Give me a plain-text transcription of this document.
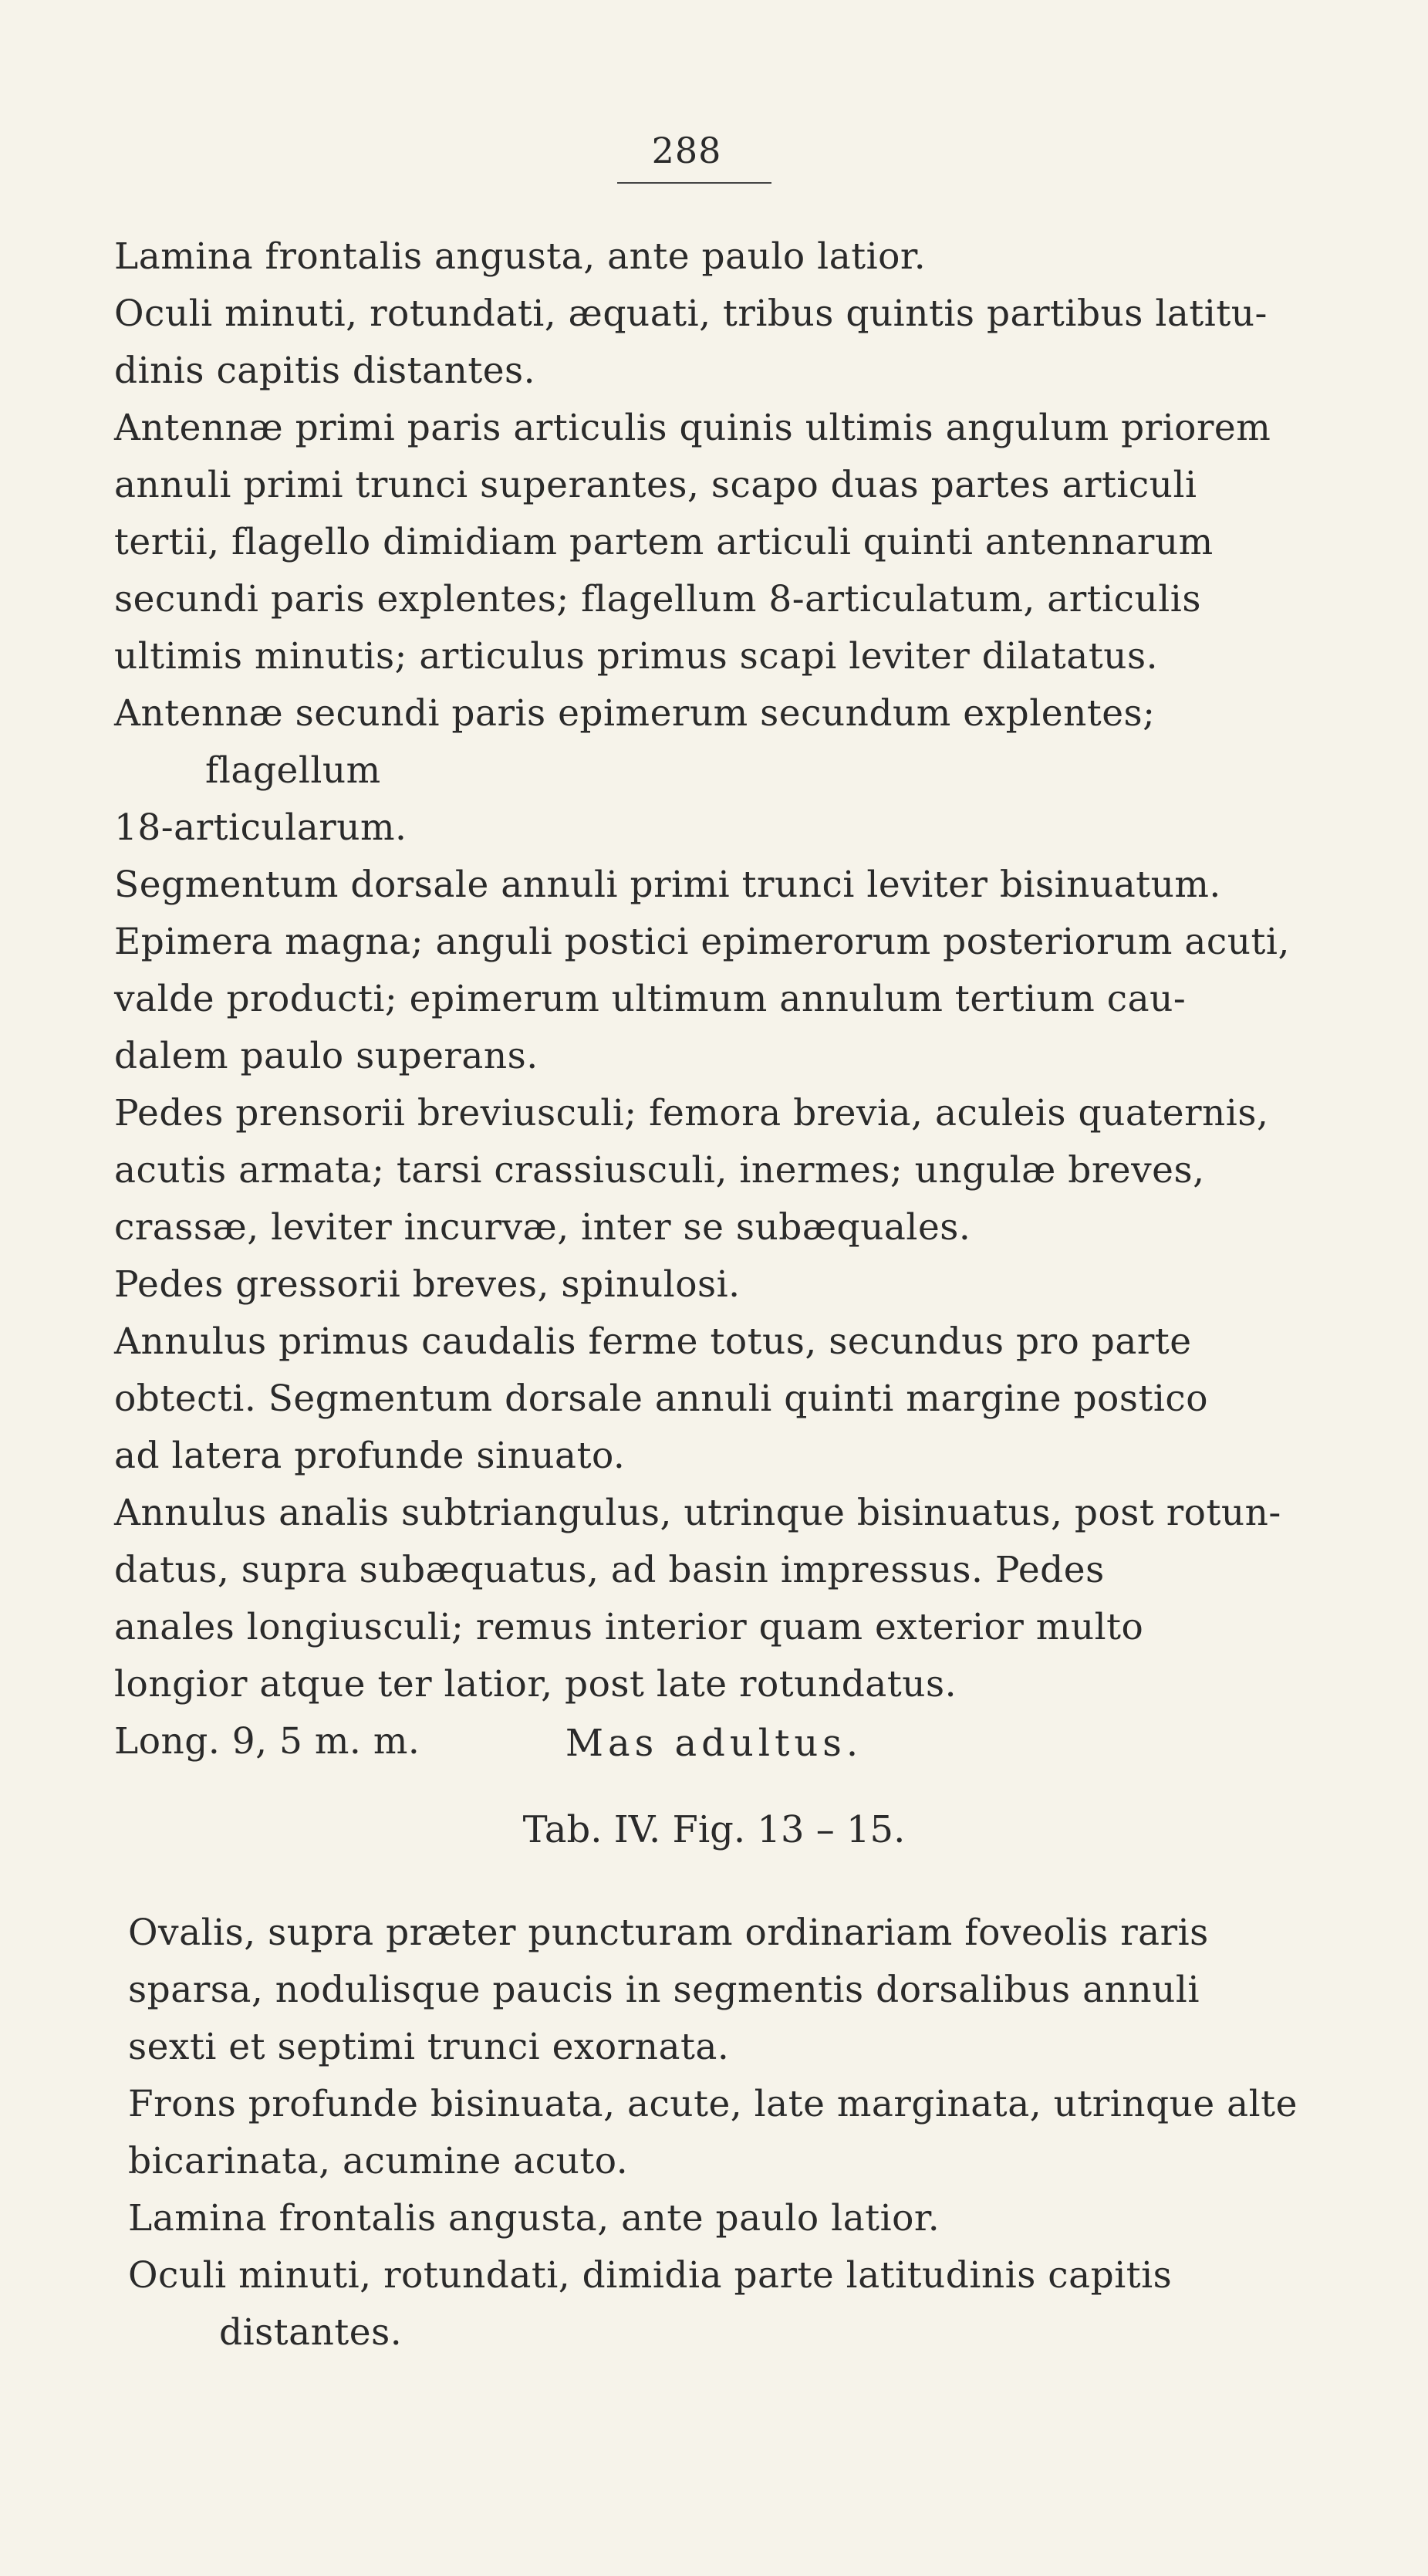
288

Lamina frontalis angusta, ante paulo latior.

Oculi minuti, rotundati, æquati, tribus quintis partibus latitu-
dinis capitis distantes.

Antennæ primi paris articulis quinis ultimis angulum priorem
annuli primi trunci superantes, scapo duas partes articuli
tertii, flagello dimidiam partem articuli quinti antennarum
secundi paris explentes; flagellum 8-articulatum, articulis
ultimis minutis; articulus primus scapi leviter dilatatus.

Antennæ secundi paris epimerum secundum explentes; flagellum
18-articularum.

Segmentum dorsale annuli primi trunci leviter bisinuatum.

Epimera magna; anguli postici epimerorum posteriorum acuti,
valde producti; epimerum ultimum annulum tertium cau-
dalem paulo superans.

Pedes prensorii breviusculi; femora brevia, aculeis quaternis,
acutis armata; tarsi crassiusculi, inermes; ungulæ breves,
crassæ, leviter incurvæ, inter se subæquales.

Pedes gressorii breves, spinulosi.

Annulus primus caudalis ferme totus, secundus pro parte
obtecti. Segmentum dorsale annuli quinti margine postico
ad latera profunde sinuato.

Annulus analis subtriangulus, utrinque bisinuatus, post rotun-
datus, supra subæquatus, ad basin impressus. Pedes
anales longiusculi; remus interior quam exterior multo
longior atque ter latior, post late rotundatus.

Long. 9, 5 m. m.	Mas adultus.
Tab. IV. Fig. 13 – 15.

Ovalis, supra præter puncturam ordinariam foveolis raris
sparsa, nodulisque paucis in segmentis dorsalibus annuli
sexti et septimi trunci exornata.

Frons profunde bisinuata, acute, late marginata, utrinque alte
bicarinata, acumine acuto.

Lamina frontalis angusta, ante paulo latior.

Oculi minuti, rotundati, dimidia parte latitudinis capitis distantes.
